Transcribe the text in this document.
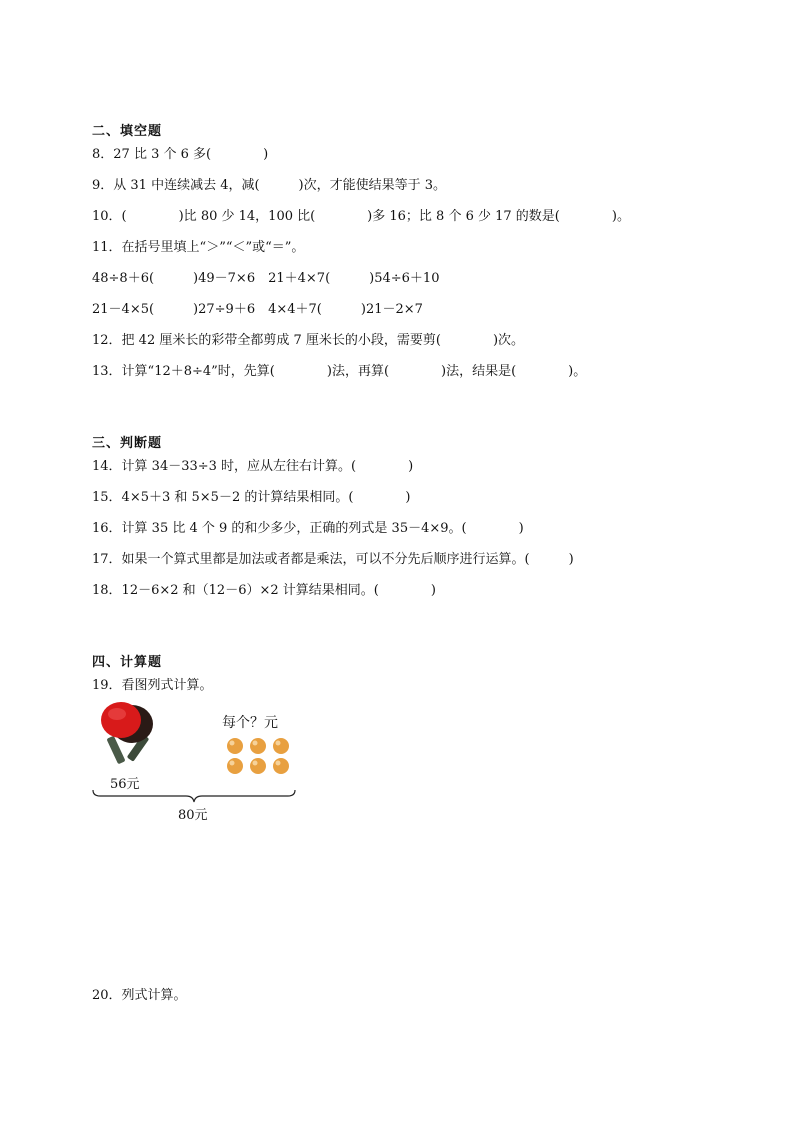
二、填空题
8．27 比 3 个 6 多(　　　　)
9．从 31 中连续减去 4，减(　　　)次，才能使结果等于 3。
10．(　　　　)比 80 少 14，100 比(　　　　)多 16；比 8 个 6 少 17 的数是(　　　　)。
11．在括号里填上“＞”“＜”或“＝”。
48÷8＋6(　　　)49－7×6　21＋4×7(　　　)54÷6＋10
21－4×5(　　　)27÷9＋6　4×4＋7(　　　)21－2×7
12．把 42 厘米长的彩带全都剪成 7 厘米长的小段，需要剪(　　　　)次。
13．计算“12＋8÷4”时，先算(　　　　)法，再算(　　　　)法，结果是(　　　　)。
三、判断题
14．计算 34－33÷3 时，应从左往右计算。(　　　　)
15．4×5＋3 和 5×5－2 的计算结果相同。(　　　　)
16．计算 35 比 4 个 9 的和少多少，正确的列式是 35－4×9。(　　　　)
17．如果一个算式里都是加法或者都是乘法，可以不分先后顺序进行运算。(　　　)
18．12－6×2 和（12－6）×2 计算结果相同。(　　　　)
四、计算题
19．看图列式计算。
每个？元
56元
80元
20．列式计算。
